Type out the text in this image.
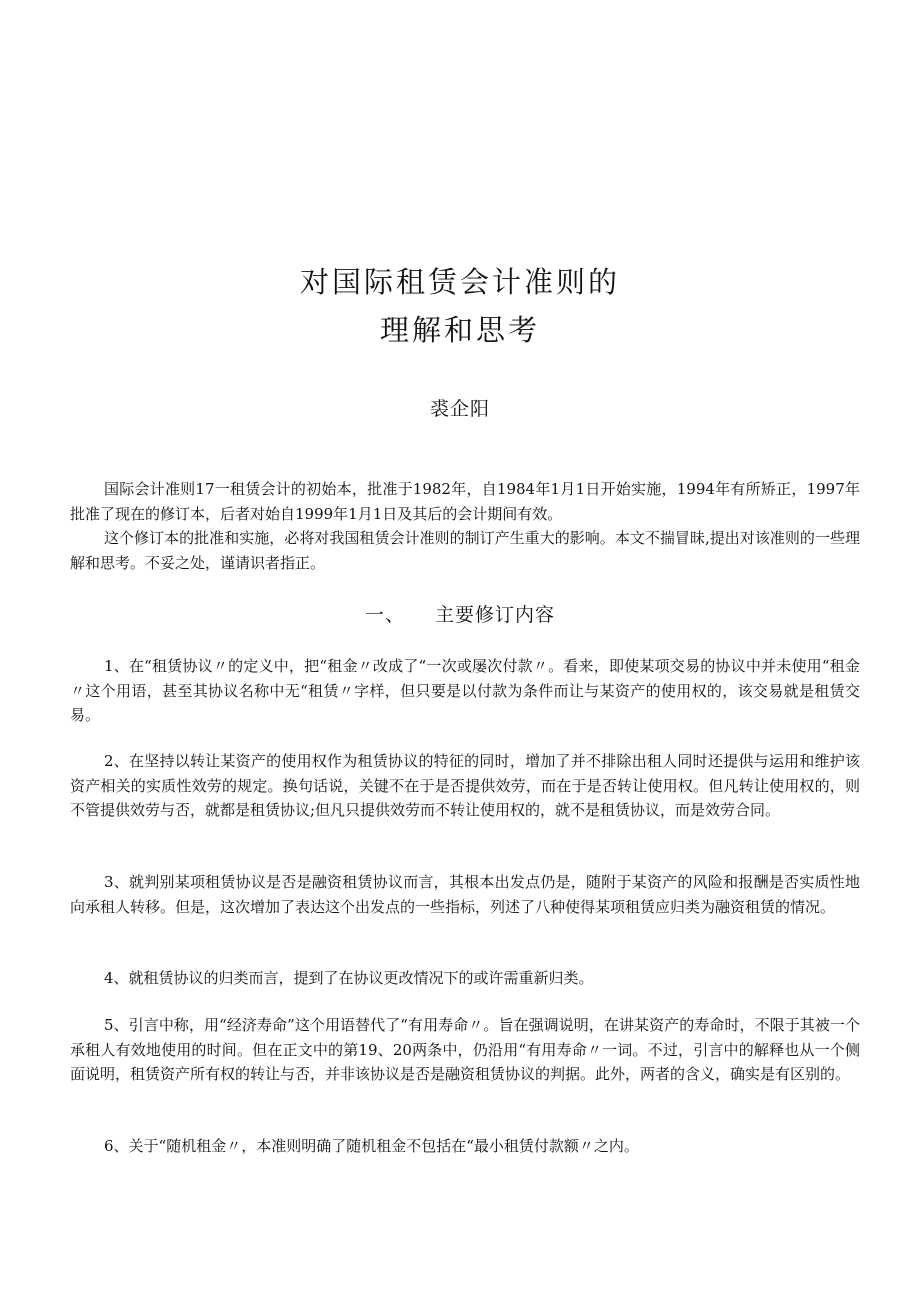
对国际租赁会计准则的
理解和思考
裘企阳

国际会计准则17一租赁会计的初始本，批准于1982年，自1984年1月1日开始实施，1994年有所矫正，1997年批准了现在的修订本，后者对始自1999年1月1日及其后的会计期间有效。

这个修订本的批准和实施，必将对我国租赁会计准则的制订产生重大的影响。本文不揣冒昧,提出对该准则的一些理解和思考。不妥之处，谨请识者指正。

一、 主要修订内容

1、在“租赁协议〃的定义中，把“租金〃改成了“一次或屡次付款〃。看来，即使某项交易的协议中并未使用“租金〃这个用语，甚至其协议名称中无“租赁〃字样，但只要是以付款为条件而让与某资产的使用权的，该交易就是租赁交易。

2、在坚持以转让某资产的使用权作为租赁协议的特征的同时，增加了并不排除出租人同时还提供与运用和维护该资产相关的实质性效劳的规定。换句话说，关键不在于是否提供效劳，而在于是否转让使用权。但凡转让使用权的，则不管提供效劳与否，就都是租赁协议;但凡只提供效劳而不转让使用权的，就不是租赁协议，而是效劳合同。

3、就判别某项租赁协议是否是融资租赁协议而言，其根本出发点仍是，随附于某资产的风险和报酬是否实质性地向承租人转移。但是，这次增加了表达这个出发点的一些指标，列述了八种使得某项租赁应归类为融资租赁的情况。

4、就租赁协议的归类而言，提到了在协议更改情况下的或许需重新归类。

5、引言中称，用“经济寿命”这个用语替代了“有用寿命〃。旨在强调说明，在讲某资产的寿命时，不限于其被一个承租人有效地使用的时间。但在正文中的第19、20两条中，仍沿用“有用寿命〃一词。不过，引言中的解释也从一个侧面说明，租赁资产所有权的转让与否，并非该协议是否是融资租赁协议的判据。此外，两者的含义，确实是有区别的。

6、关于“随机租金〃，本准则明确了随机租金不包括在“最小租赁付款额〃之内。
